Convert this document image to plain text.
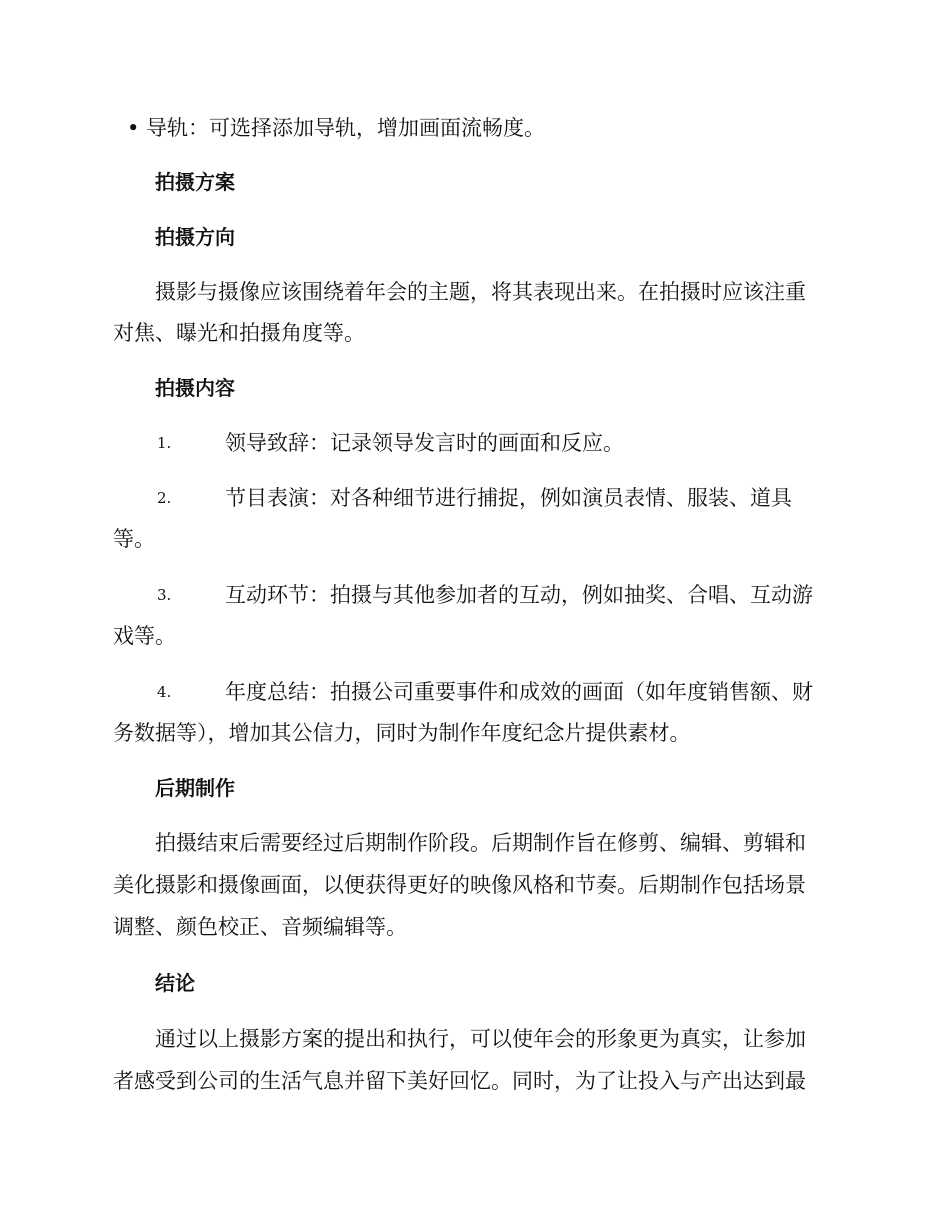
• 导轨：可选择添加导轨，增加画面流畅度。
拍摄方案
拍摄方向
摄影与摄像应该围绕着年会的主题，将其表现出来。在拍摄时应该注重
对焦、曝光和拍摄角度等。
拍摄内容
1.	领导致辞：记录领导发言时的画面和反应。
2.	节目表演：对各种细节进行捕捉，例如演员表情、服装、道具
等。
3.	互动环节：拍摄与其他参加者的互动，例如抽奖、合唱、互动游
戏等。
4.	年度总结：拍摄公司重要事件和成效的画面（如年度销售额、财
务数据等），增加其公信力，同时为制作年度纪念片提供素材。
后期制作
拍摄结束后需要经过后期制作阶段。后期制作旨在修剪、编辑、剪辑和
美化摄影和摄像画面，以便获得更好的映像风格和节奏。后期制作包括场景
调整、颜色校正、音频编辑等。
结论
通过以上摄影方案的提出和执行，可以使年会的形象更为真实，让参加
者感受到公司的生活气息并留下美好回忆。同时，为了让投入与产出达到最
